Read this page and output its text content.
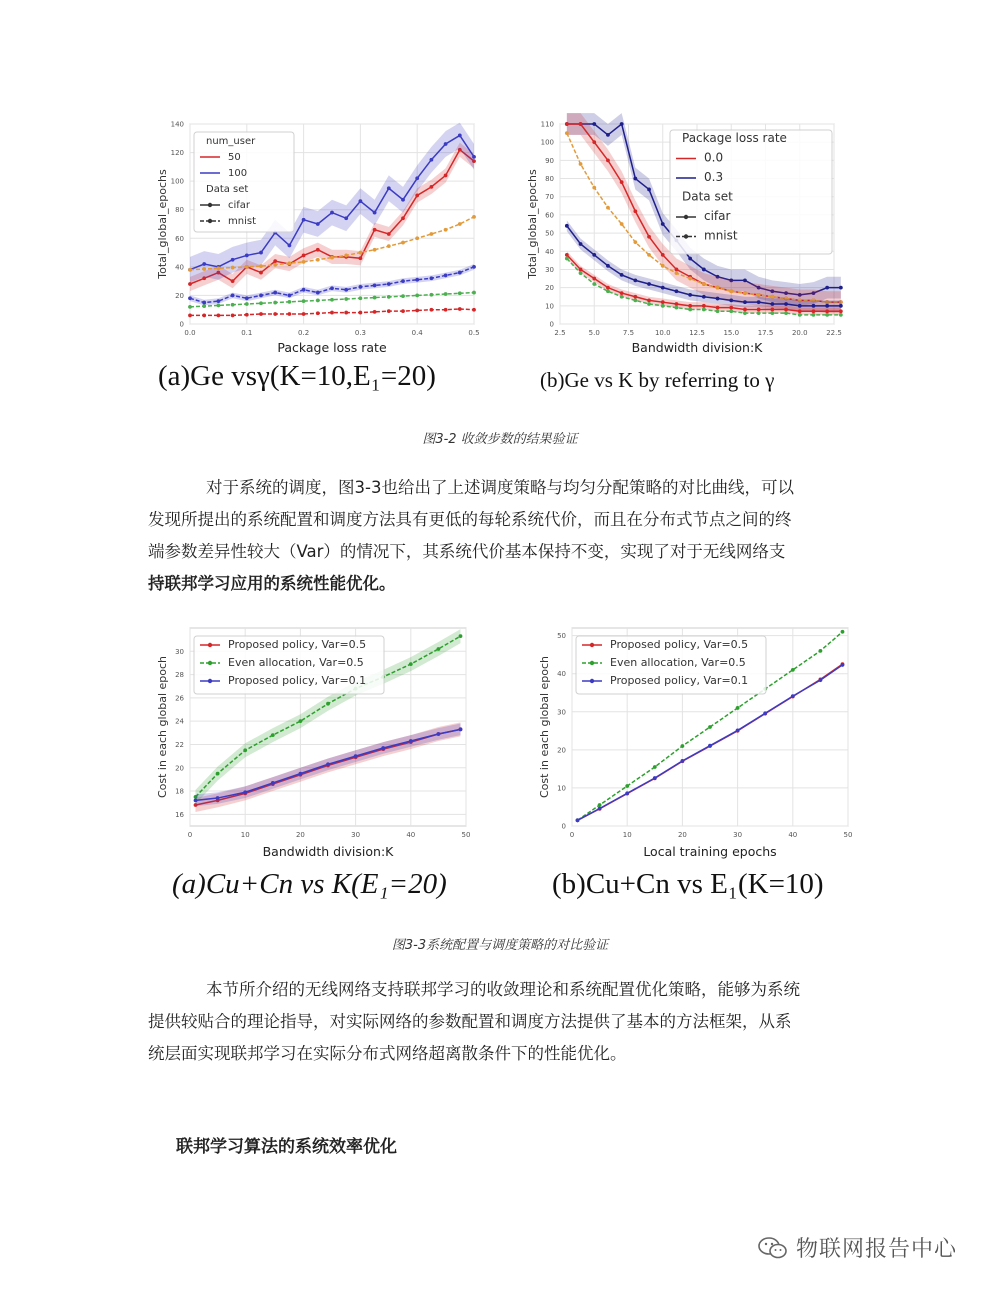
0.0	0.1	0.2	0.3	0.4	0.5
0
20
40
60
80
100
120
140
Package loss rate
Total_global_epochs
num_user
50
100
Data set
cifar
mnist
2.5	5.0	7.5	10.0	12.5	15.0	17.5	20.0	22.5
0
10
20
30
40
50
60
70
80
90
100
110
Bandwidth division:K
Total_global_epochs
Package loss rate
0.0
0.3
Data set
cifar
mnist
(a)Ge vsγ(K=10,E₁=20)	(b)Ge vs K by referring to γ
图3-2 收敛步数的结果验证
对于系统的调度，图3-3也给出了上述调度策略与均匀分配策略的对比曲线，可以
发现所提出的系统配置和调度方法具有更低的每轮系统代价，而且在分布式节点之间的终
端参数差异性较大（Var）的情况下，其系统代价基本保持不变，实现了对于无线网络支
持联邦学习应用的系统性能优化。
0	10	20	30	40	50
16
18
20
22
24
26
28
30
Bandwidth division:K
Cost in each global epoch
Proposed policy, Var=0.5
Even allocation, Var=0.5
Proposed policy, Var=0.1
0	10	20	30	40	50
0
10
20
30
40
50
Local training epochs
Cost in each global epoch
Proposed policy, Var=0.5
Even allocation, Var=0.5
Proposed policy, Var=0.1
(a)Cu+Cn vs K(E₁=20)	(b)Cu+Cn vs E₁(K=10)
图3-3系统配置与调度策略的对比验证
本节所介绍的无线网络支持联邦学习的收敛理论和系统配置优化策略，能够为系统
提供较贴合的理论指导，对实际网络的参数配置和调度方法提供了基本的方法框架，从系
统层面实现联邦学习在实际分布式网络超离散条件下的性能优化。
联邦学习算法的系统效率优化
物联网报告中心
